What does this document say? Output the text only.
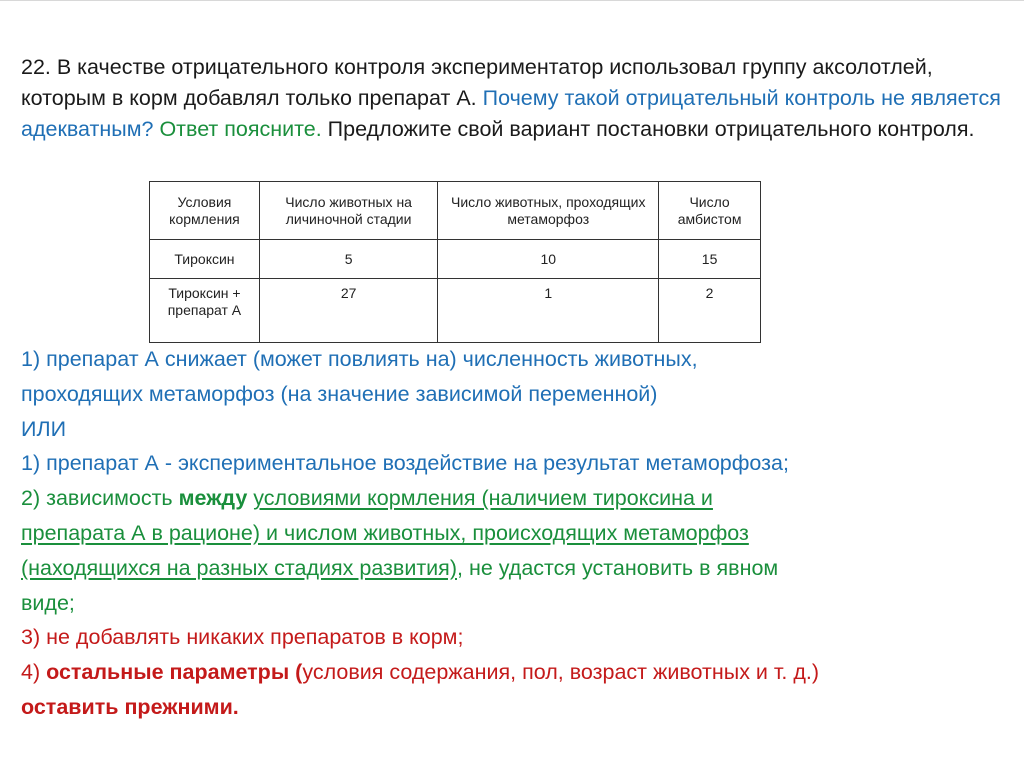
22. В качестве отрицательного контроля экспериментатор использовал группу аксолотлей, которым в корм добавлял только препарат А. Почему такой отрицательный контроль не является адекватным? Ответ поясните. Предложите свой вариант постановки отрицательного контроля.

Условия кормления	Число животных на личиночной стадии	Число животных, проходящих метаморфоз	Число амбистом
Тироксин	5	10	15
Тироксин + препарат А	27	1	2
1) препарат А снижает (может повлиять на) численность животных,
проходящих метаморфоз (на значение зависимой переменной)
ИЛИ
1) препарат А - экспериментальное воздействие на результат метаморфоза;
2) зависимость между условиями кормления (наличием тироксина и
препарата А в рационе) и числом животных, происходящих метаморфоз
(находящихся на разных стадиях развития), не удастся установить в явном
виде;
3) не добавлять никаких препаратов в корм;
4) остальные параметры (условия содержания, пол, возраст животных и т. д.)
оставить прежними.
